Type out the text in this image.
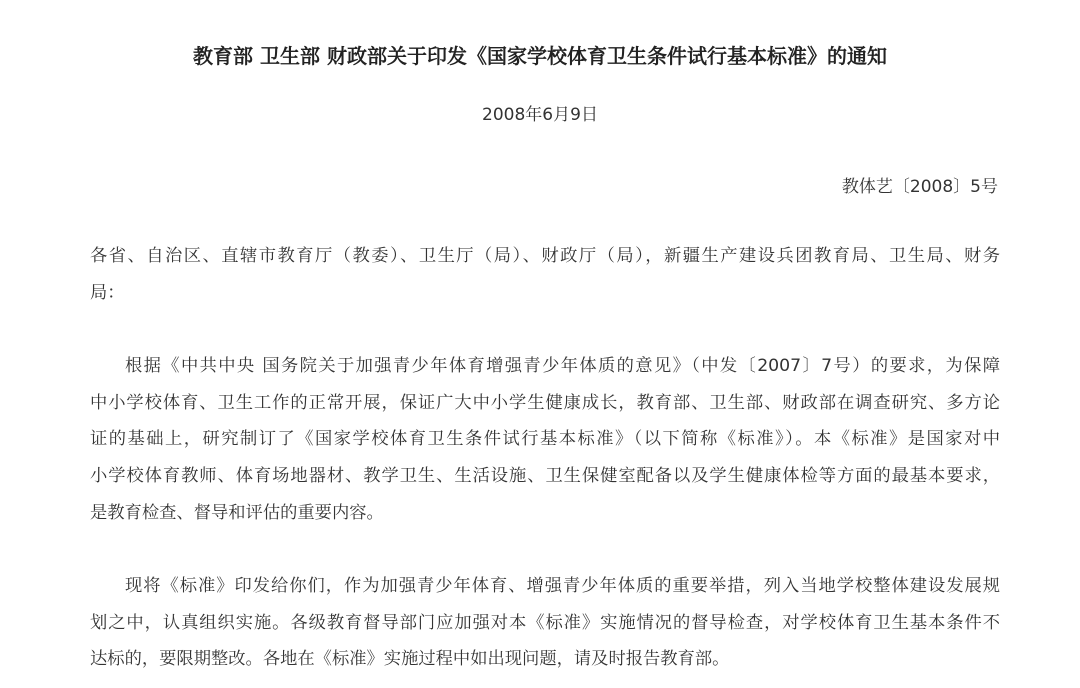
教育部 卫生部 财政部关于印发《国家学校体育卫生条件试行基本标准》的通知
2008年6月9日
教体艺〔2008〕5号
各省、自治区、直辖市教育厅（教委）、卫生厅（局）、财政厅（局），新疆生产建设兵团教育局、卫生局、财务
局：
根据《中共中央 国务院关于加强青少年体育增强青少年体质的意见》（中发〔2007〕7号）的要求，为保障
中小学校体育、卫生工作的正常开展，保证广大中小学生健康成长，教育部、卫生部、财政部在调查研究、多方论
证的基础上，研究制订了《国家学校体育卫生条件试行基本标准》（以下简称《标准》）。本《标准》是国家对中
小学校体育教师、体育场地器材、教学卫生、生活设施、卫生保健室配备以及学生健康体检等方面的最基本要求，
是教育检查、督导和评估的重要内容。
现将《标准》印发给你们，作为加强青少年体育、增强青少年体质的重要举措，列入当地学校整体建设发展规
划之中，认真组织实施。各级教育督导部门应加强对本《标准》实施情况的督导检查，对学校体育卫生基本条件不
达标的，要限期整改。各地在《标准》实施过程中如出现问题，请及时报告教育部。
